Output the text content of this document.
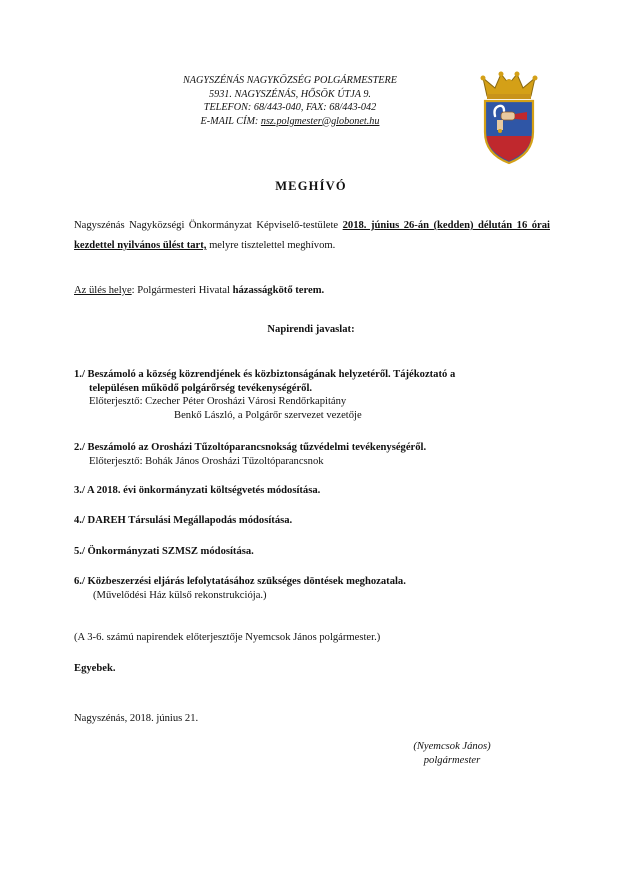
NAGYSZÉNÁS NAGYKÖZSÉG POLGÁRMESTERE
5931. NAGYSZÉNÁS, HŐSÖK ÚTJA 9.
TELEFON: 68/443-040, FAX: 68/443-042
E-MAIL CÍM: nsz.polgmester@globonet.hu
MEGHÍVÓ
Nagyszénás Nagyközségi Önkormányzat Képviselő-testülete 2018. június 26-án (kedden) délután 16 órai kezdettel nyilvános ülést tart, melyre tisztelettel meghívom.
Az ülés helye: Polgármesteri Hivatal házasságkötő terem.
Napirendi javaslat:
1./ Beszámoló a község közrendjének és közbiztonságának helyzetéről. Tájékoztató a
településen működő polgárőrség tevékenységéről.
Előterjesztő: Czecher Péter Orosházi Városi Rendőrkapitány
Benkő László, a Polgárőr szervezet vezetője
2./ Beszámoló az Orosházi Tűzoltóparancsnokság tűzvédelmi tevékenységéről.
Előterjesztő: Bohák János Orosházi Tűzoltóparancsnok
3./ A 2018. évi önkormányzati költségvetés módosítása.
4./ DAREH Társulási Megállapodás módosítása.
5./ Önkormányzati SZMSZ módosítása.
6./ Közbeszerzési eljárás lefolytatásához szükséges döntések meghozatala.
(Művelődési Ház külső rekonstrukciója.)
(A 3-6. számú napirendek előterjesztője Nyemcsok János polgármester.)
Egyebek.
Nagyszénás, 2018. június 21.
(Nyemcsok János)
polgármester
